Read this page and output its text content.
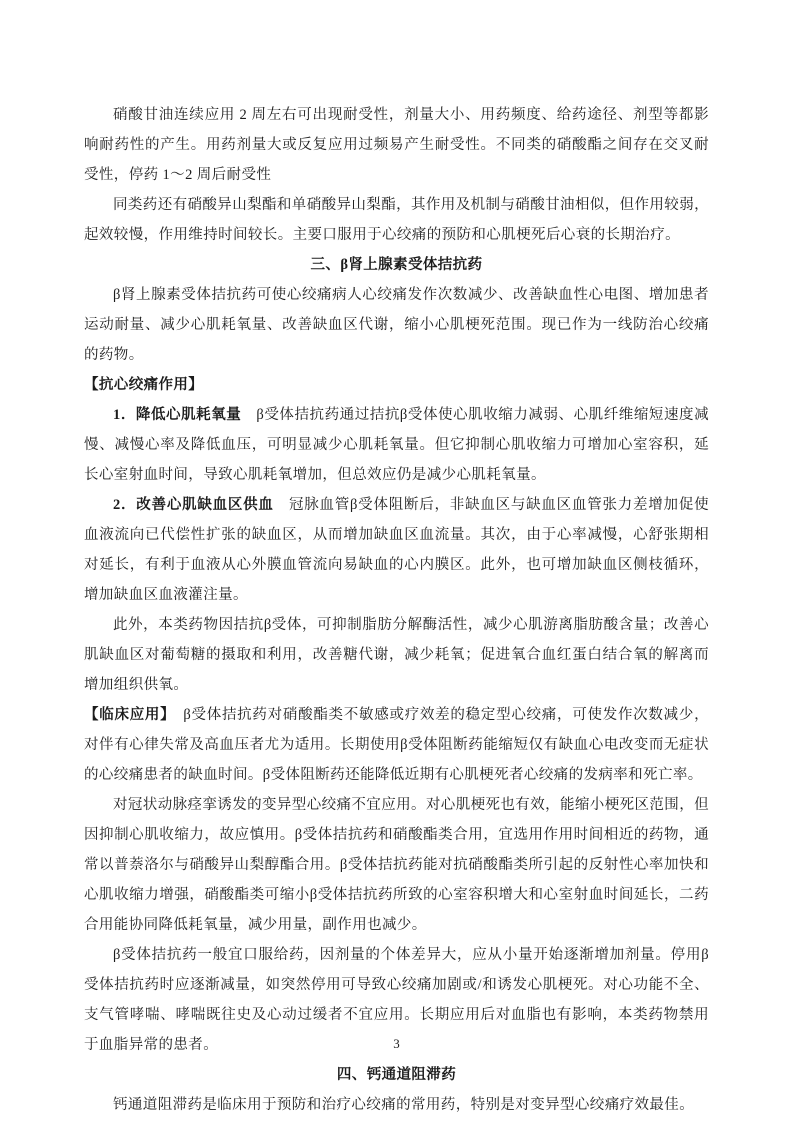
硝酸甘油连续应用 2 周左右可出现耐受性，剂量大小、用药频度、给药途径、剂型等都影响耐药性的产生。用药剂量大或反复应用过频易产生耐受性。不同类的硝酸酯之间存在交叉耐受性，停药 1～2 周后耐受性
同类药还有硝酸异山梨酯和单硝酸异山梨酯，其作用及机制与硝酸甘油相似，但作用较弱，起效较慢，作用维持时间较长。主要口服用于心绞痛的预防和心肌梗死后心衰的长期治疗。
三、β肾上腺素受体拮抗药
β肾上腺素受体拮抗药可使心绞痛病人心绞痛发作次数减少、改善缺血性心电图、增加患者运动耐量、减少心肌耗氧量、改善缺血区代谢，缩小心肌梗死范围。现已作为一线防治心绞痛的药物。
【抗心绞痛作用】
1．降低心肌耗氧量　β受体拮抗药通过拮抗β受体使心肌收缩力减弱、心肌纤维缩短速度减慢、减慢心率及降低血压，可明显减少心肌耗氧量。但它抑制心肌收缩力可增加心室容积，延长心室射血时间，导致心肌耗氧增加，但总效应仍是减少心肌耗氧量。
2．改善心肌缺血区供血　冠脉血管β受体阻断后，非缺血区与缺血区血管张力差增加促使血液流向已代偿性扩张的缺血区，从而增加缺血区血流量。其次，由于心率减慢，心舒张期相对延长，有利于血液从心外膜血管流向易缺血的心内膜区。此外，也可增加缺血区侧枝循环，增加缺血区血液灌注量。
此外，本类药物因拮抗β受体，可抑制脂肪分解酶活性，减少心肌游离脂肪酸含量；改善心肌缺血区对葡萄糖的摄取和利用，改善糖代谢，减少耗氧；促进氧合血红蛋白结合氧的解离而增加组织供氧。
【临床应用】　β受体拮抗药对硝酸酯类不敏感或疗效差的稳定型心绞痛，可使发作次数减少，对伴有心律失常及高血压者尤为适用。长期使用β受体阻断药能缩短仅有缺血心电改变而无症状的心绞痛患者的缺血时间。β受体阻断药还能降低近期有心肌梗死者心绞痛的发病率和死亡率。
对冠状动脉痉挛诱发的变异型心绞痛不宜应用。对心肌梗死也有效，能缩小梗死区范围，但因抑制心肌收缩力，故应慎用。β受体拮抗药和硝酸酯类合用，宜选用作用时间相近的药物，通常以普萘洛尔与硝酸异山梨醇酯合用。β受体拮抗药能对抗硝酸酯类所引起的反射性心率加快和心肌收缩力增强，硝酸酯类可缩小β受体拮抗药所致的心室容积增大和心室射血时间延长，二药合用能协同降低耗氧量，减少用量，副作用也减少。
β受体拮抗药一般宜口服给药，因剂量的个体差异大，应从小量开始逐渐增加剂量。停用β受体拮抗药时应逐渐减量，如突然停用可导致心绞痛加剧或/和诱发心肌梗死。对心功能不全、支气管哮喘、哮喘既往史及心动过缓者不宜应用。长期应用后对血脂也有影响，本类药物禁用于血脂异常的患者。
四、钙通道阻滞药
钙通道阻滞药是临床用于预防和治疗心绞痛的常用药，特别是对变异型心绞痛疗效最佳。
3
